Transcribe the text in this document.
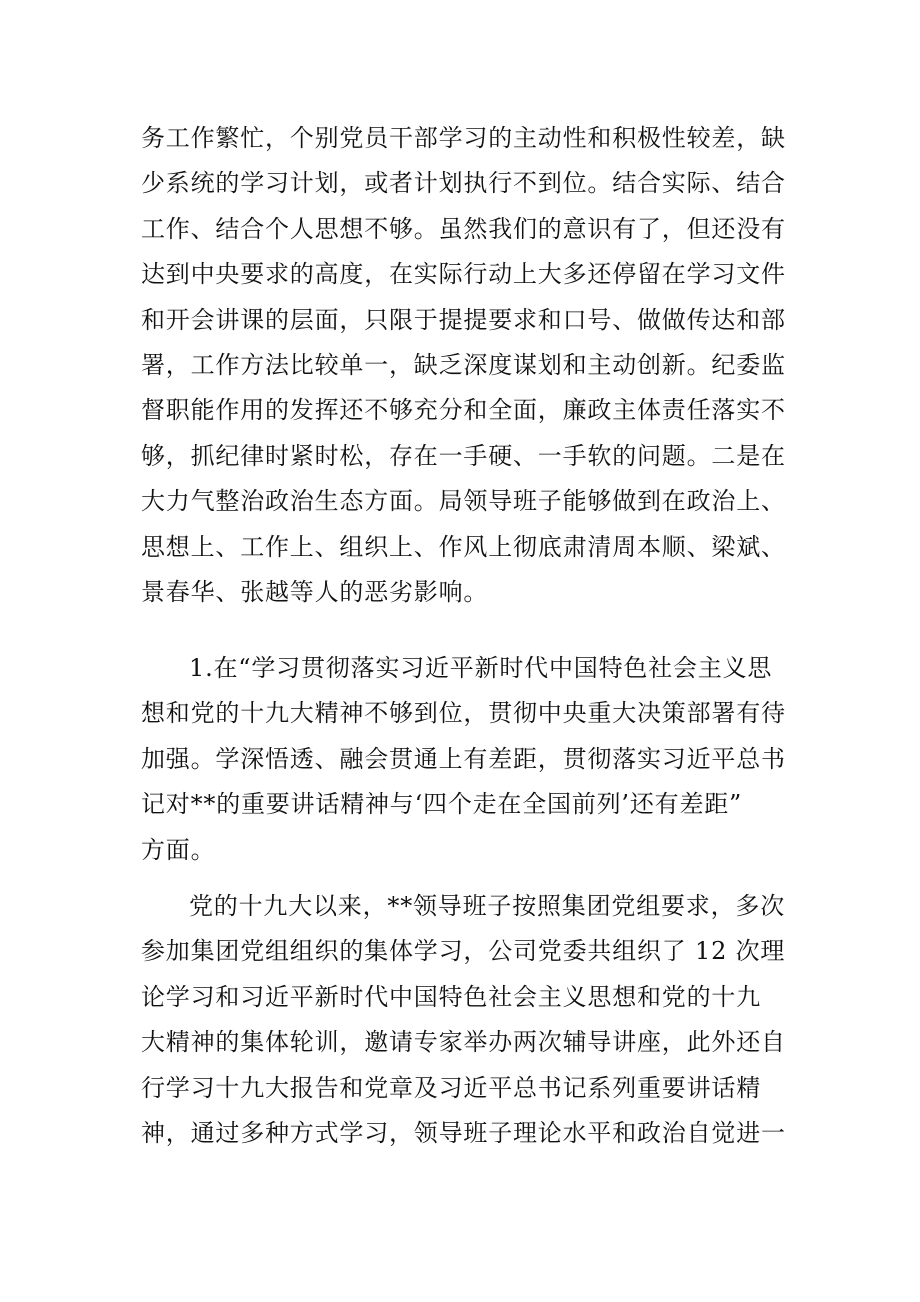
务工作繁忙，个别党员干部学习的主动性和积极性较差，缺

少系统的学习计划，或者计划执行不到位。结合实际、结合

工作、结合个人思想不够。虽然我们的意识有了，但还没有

达到中央要求的高度，在实际行动上大多还停留在学习文件

和开会讲课的层面，只限于提提要求和口号、做做传达和部

署，工作方法比较单一，缺乏深度谋划和主动创新。纪委监

督职能作用的发挥还不够充分和全面，廉政主体责任落实不

够，抓纪律时紧时松，存在一手硬、一手软的问题。二是在

大力气整治政治生态方面。局领导班子能够做到在政治上、

思想上、工作上、组织上、作风上彻底肃清周本顺、梁斌、

景春华、张越等人的恶劣影响。

1.在“学习贯彻落实习近平新时代中国特色社会主义思

想和党的十九大精神不够到位，贯彻中央重大决策部署有待

加强。学深悟透、融会贯通上有差距，贯彻落实习近平总书

记对**的重要讲话精神与‘四个走在全国前列’还有差距”

方面。

党的十九大以来，**领导班子按照集团党组要求，多次

参加集团党组组织的集体学习，公司党委共组织了 12 次理

论学习和习近平新时代中国特色社会主义思想和党的十九

大精神的集体轮训，邀请专家举办两次辅导讲座，此外还自

行学习十九大报告和党章及习近平总书记系列重要讲话精

神，通过多种方式学习，领导班子理论水平和政治自觉进一
